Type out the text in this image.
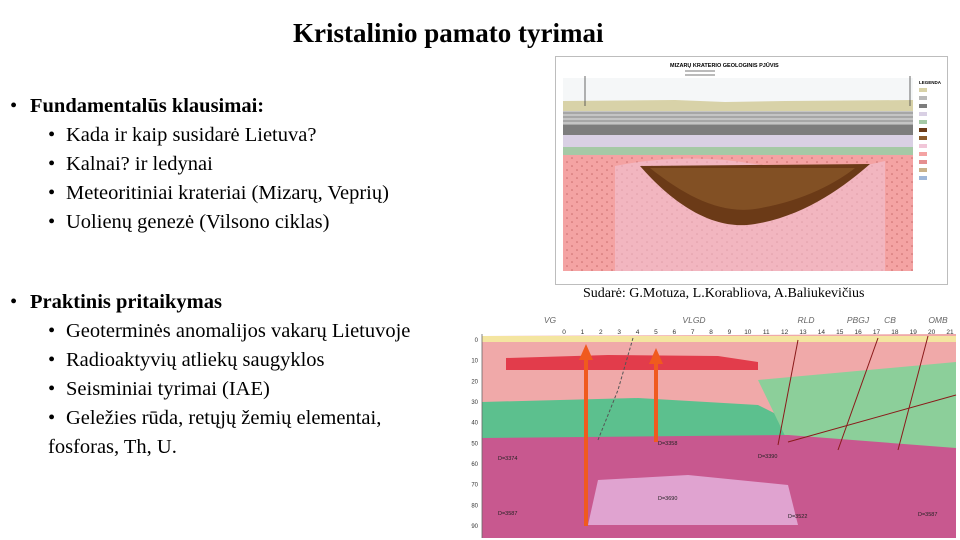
Kristalinio pamato tyrimai
• Fundamentalūs klausimai:
• Kada ir kaip susidarė Lietuva?
• Kalnai? ir ledynai
• Meteoritiniai krateriai (Mizarų, Veprių)
• Uolienų genezė (Vilsono ciklas)
• Praktinis pritaikymas
• Geoterminės anomalijos vakarų Lietuvoje
• Radioaktyvių atliekų saugyklos
• Seisminiai tyrimai (IAE)
• Geležies rūda, retųjų žemių elementai,
fosforas, Th, U.
MIZARŲ KRATERIO GEOLOGINIS PJŪVIS
LEGENDA
Sudarė: G.Motuza, L.Korabliova, A.Baliukevičius
0 1 2 3 4 5 6 7 8 9 10 11 12 13 14 15 16 17 18 19 20 21
0
10
20
30
40
50
60
70
80
90
VG	VLGD	RLD	PBGJ CB	OMB
D=3374
D=3358
D=3390
D=3587	D=3522	D=3587
D=3690
